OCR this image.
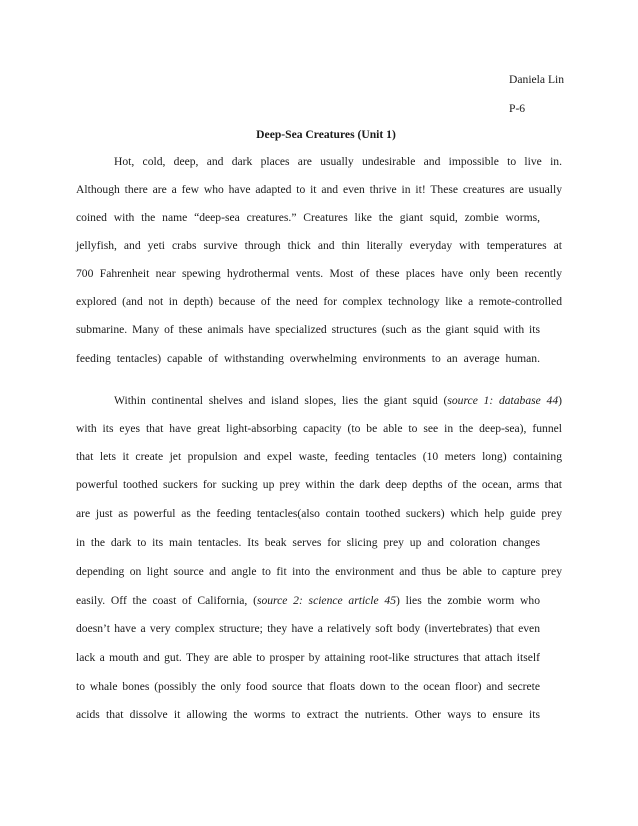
Daniela Lin
P-6
Deep-Sea Creatures (Unit 1)
Hot, cold, deep, and dark places are usually undesirable and impossible to live in.
Although there are a few who have adapted to it and even thrive in it! These creatures are usually
coined with the name “deep-sea creatures.” Creatures like the giant squid, zombie worms,
jellyfish, and yeti crabs survive through thick and thin literally everyday with temperatures at
700 Fahrenheit near spewing hydrothermal vents. Most of these places have only been recently
explored (and not in depth) because of the need for complex technology like a remote-controlled
submarine. Many of these animals have specialized structures (such as the giant squid with its
feeding tentacles) capable of withstanding overwhelming environments to an average human.
Within continental shelves and island slopes, lies the giant squid (source 1: database 44)
with its eyes that have great light-absorbing capacity (to be able to see in the deep-sea), funnel
that lets it create jet propulsion and expel waste, feeding tentacles (10 meters long) containing
powerful toothed suckers for sucking up prey within the dark deep depths of the ocean, arms that
are just as powerful as the feeding tentacles(also contain toothed suckers) which help guide prey
in the dark to its main tentacles. Its beak serves for slicing prey up and coloration changes
depending on light source and angle to fit into the environment and thus be able to capture prey
easily. Off the coast of California, (source 2: science article 45) lies the zombie worm who
doesn’t have a very complex structure; they have a relatively soft body (invertebrates) that even
lack a mouth and gut. They are able to prosper by attaining root-like structures that attach itself
to whale bones (possibly the only food source that floats down to the ocean floor) and secrete
acids that dissolve it allowing the worms to extract the nutrients. Other ways to ensure its
